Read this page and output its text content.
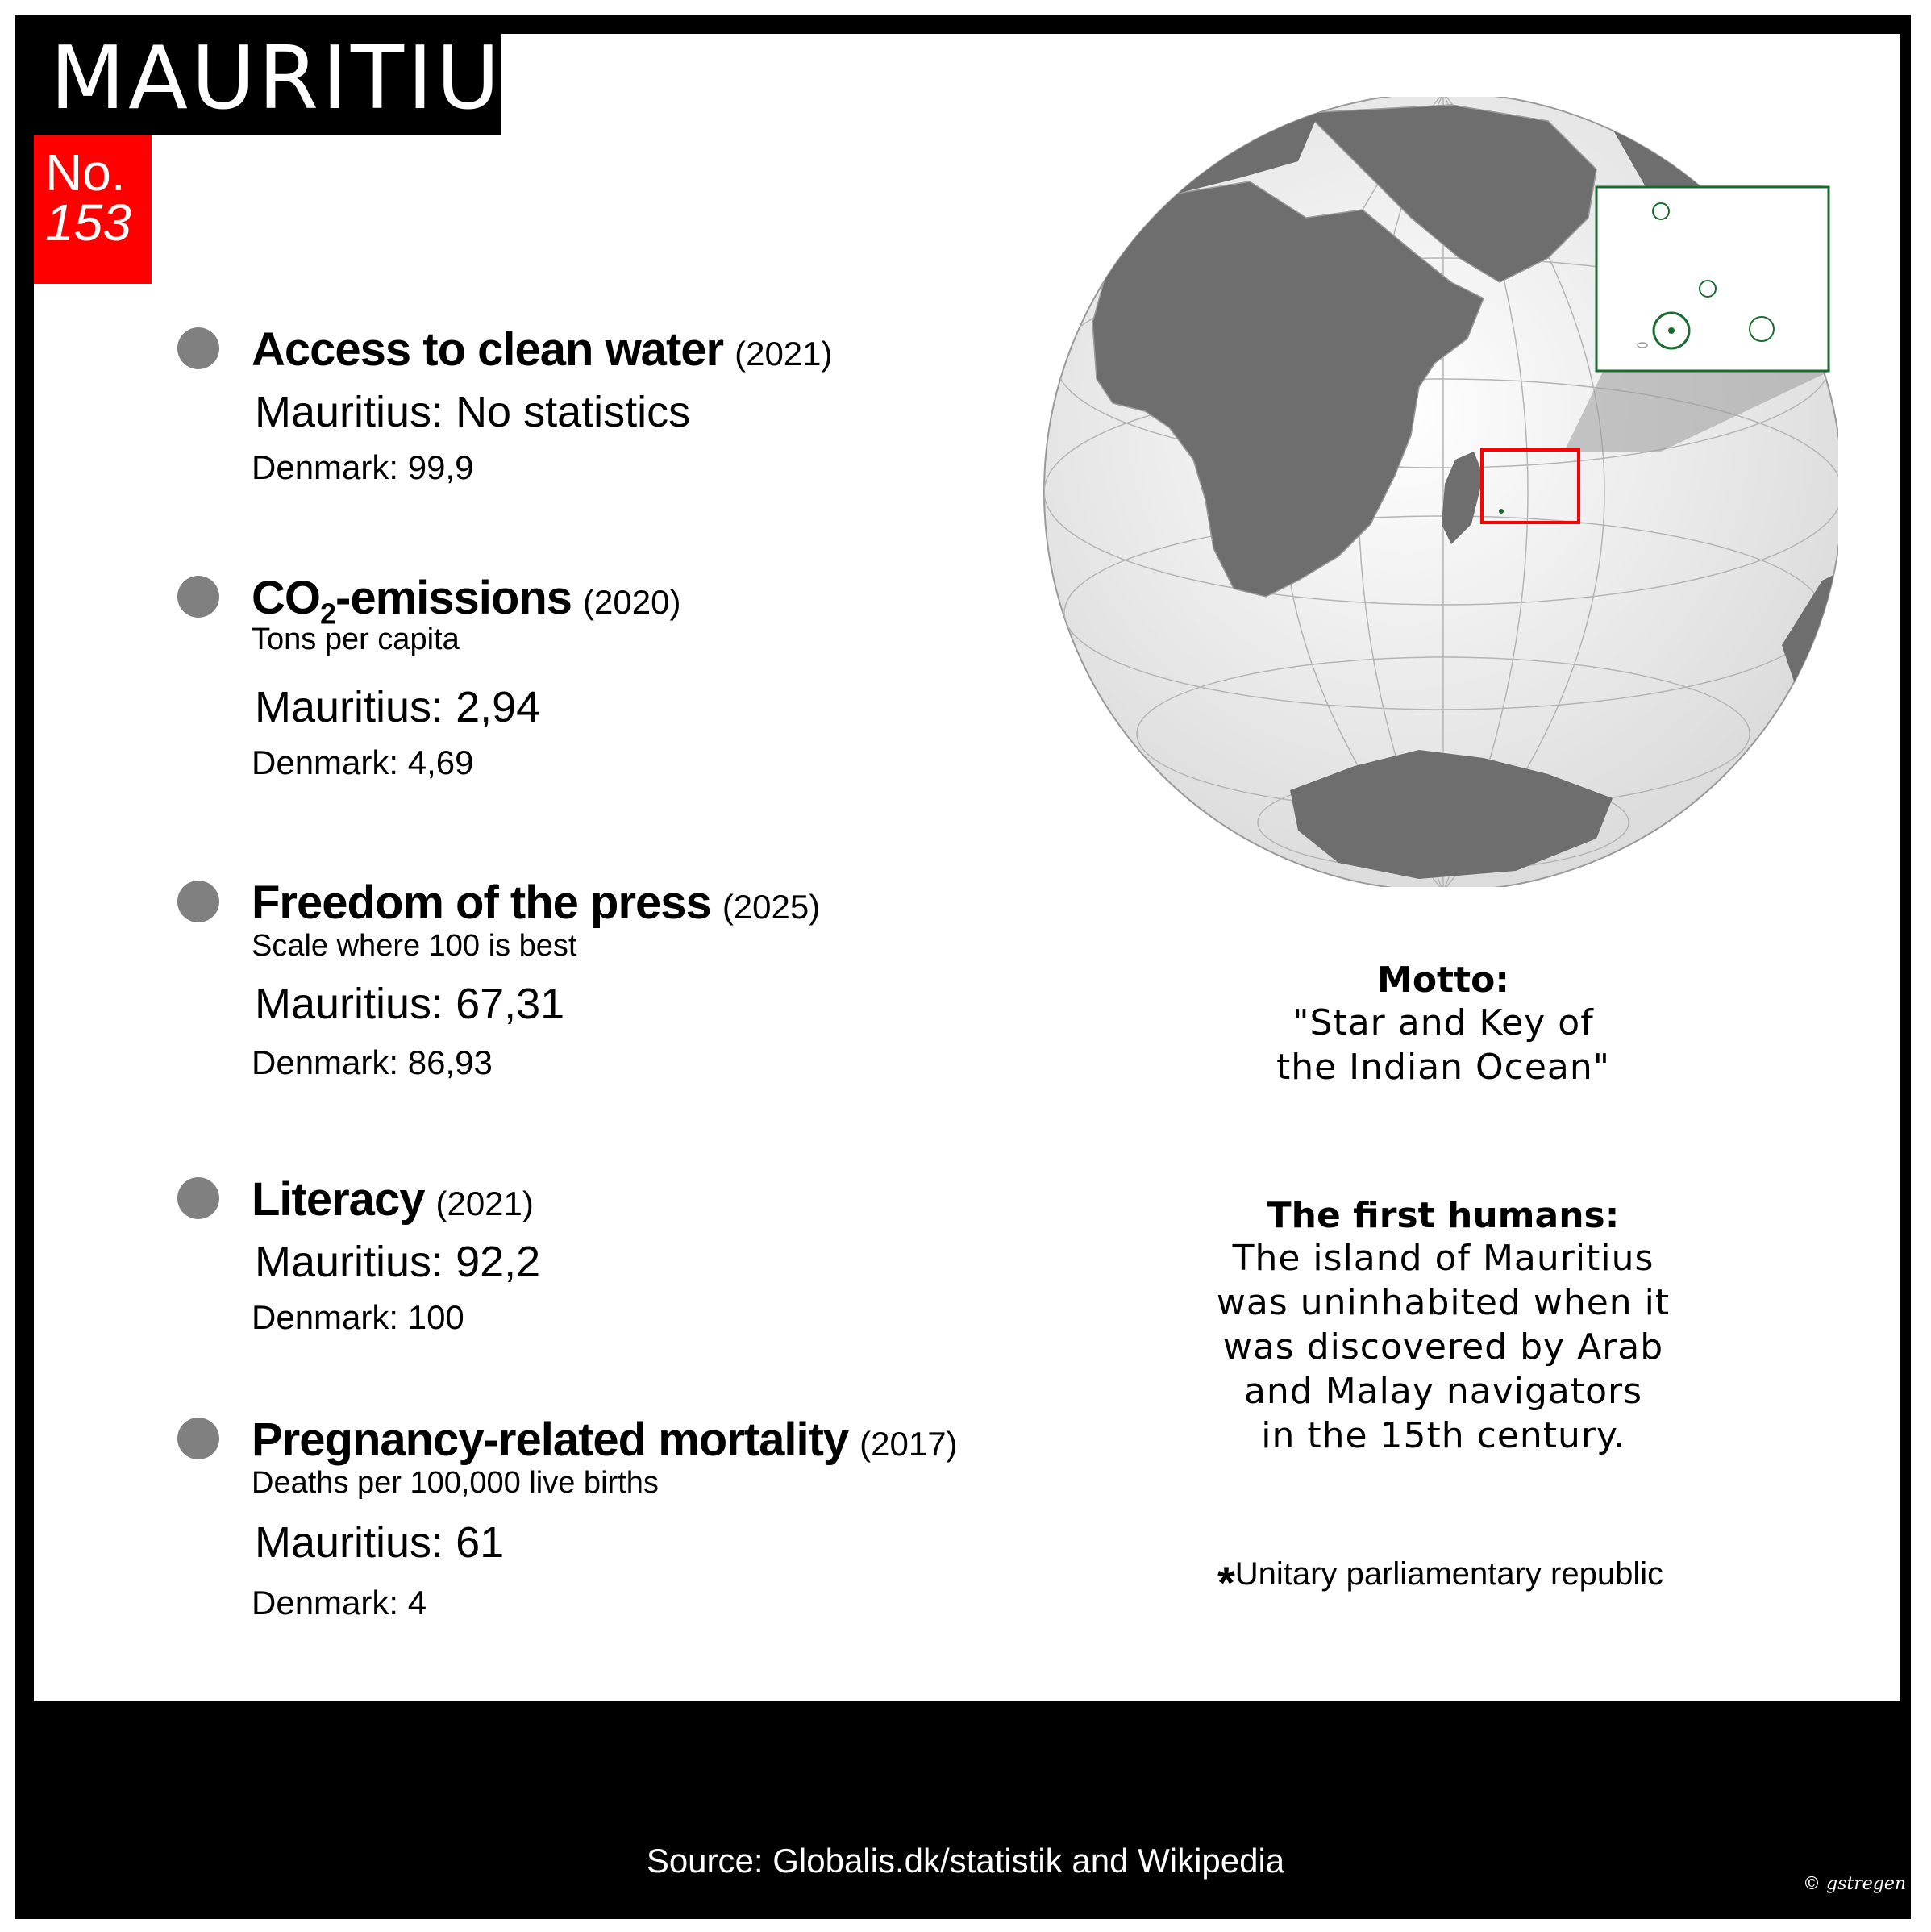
MAURITIUS
No.
153
Access to clean water (2021)
Mauritius: No statistics
Denmark: 99,9
$CO_2$-emissions (2020)
Tons per capita
Mauritius: 2,94
Denmark: 4,69
Freedom of the press (2025)
Scale where 100 is best
Mauritius: 67,31
Denmark: 86,93
Literacy (2021)
Mauritius: 92,2
Denmark: 100
Pregnancy-related mortality (2017)
Deaths per 100,000 live births
Mauritius: 61
Denmark: 4
Motto:
"Star and Key of
the Indian Ocean"
The first humans:
The island of Mauritius
was uninhabited when it
was discovered by Arab
and Malay navigators
in the 15th century.
*Unitary parliamentary republic
Source: Globalis.dk/statistik and Wikipedia
© gstregen
